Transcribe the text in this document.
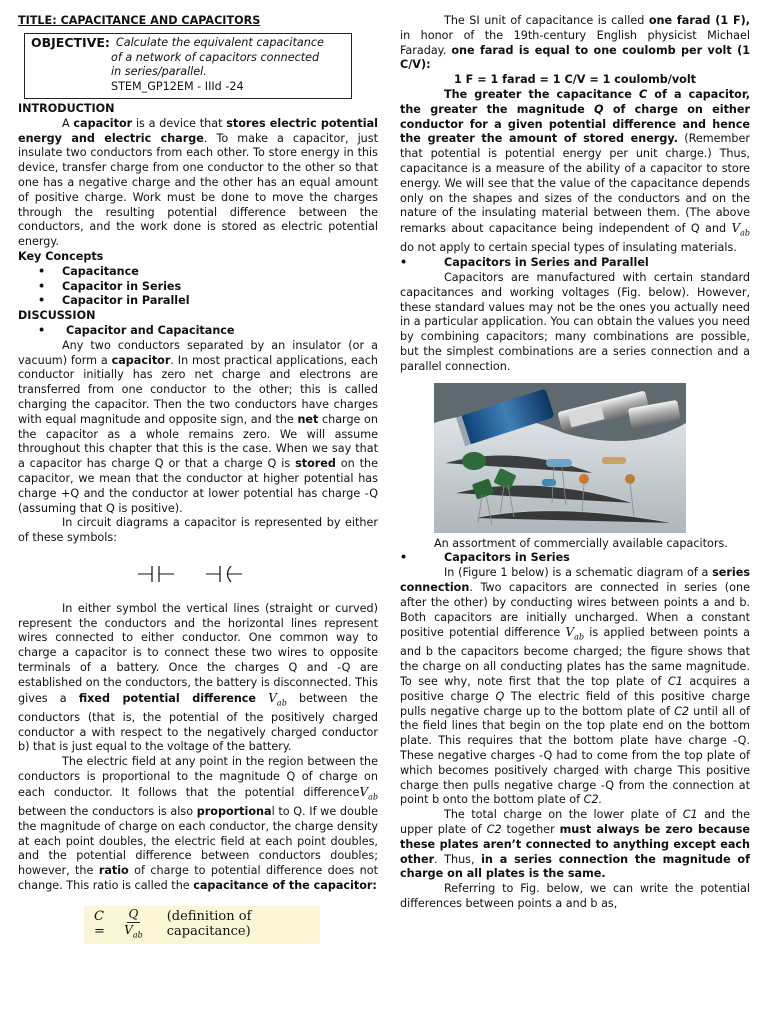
TITLE: CAPACITANCE AND CAPACITORS
OBJECTIVE: Calculate the equivalent capacitance
of a network of capacitors connected
in series/parallel.
STEM_GP12EM - IIId -24
INTRODUCTION

A capacitor is a device that stores electric potential energy and electric charge. To make a capacitor, just insulate two conductors from each other. To store energy in this device, transfer charge from one conductor to the other so that one has a negative charge and the other has an equal amount of positive charge. Work must be done to move the charges through the resulting potential difference between the conductors, and the work done is stored as electric potential energy.

Key Concepts
• Capacitance
• Capacitor in Series
• Capacitor in Parallel
DISCUSSION
• Capacitor and Capacitance

Any two conductors separated by an insulator (or a vacuum) form a capacitor. In most practical applications, each conductor initially has zero net charge and electrons are transferred from one conductor to the other; this is called charging the capacitor. Then the two conductors have charges with equal magnitude and opposite sign, and the net charge on the capacitor as a whole remains zero. We will assume throughout this chapter that this is the case. When we say that a capacitor has charge Q or that a charge Q is stored on the capacitor, we mean that the conductor at higher potential has charge +Q and the conductor at lower potential has charge -Q (assuming that Q is positive).

In circuit diagrams a capacitor is represented by either of these symbols:

In either symbol the vertical lines (straight or curved) represent the conductors and the horizontal lines represent wires connected to either conductor. One common way to charge a capacitor is to connect these two wires to opposite terminals of a battery. Once the charges Q and -Q are established on the conductors, the battery is disconnected. This gives a fixed potential difference $V_{ab}$ between the conductors (that is, the potential of the positively charged conductor a with respect to the negatively charged conductor b) that is just equal to the voltage of the battery.

The electric field at any point in the region between the conductors is proportional to the magnitude Q of charge on each conductor. It follows that the potential differenceV$_{ab}$ between the conductors is also proportional to Q. If we double the magnitude of charge on each conductor, the charge density at each point doubles, the electric field at each point doubles, and the potential difference between conductors doubles; however, the ratio of charge to potential difference does not change. This ratio is called the capacitance of the capacitor:

C =	$\frac{Q}{V_{ab}}$ (definition of capacitance)

The SI unit of capacitance is called one farad (1 F), in honor of the 19th-century English physicist Michael Faraday. one farad is equal to one coulomb per volt (1 C/V):

1 F = 1 farad = 1 C/V = 1 coulomb/volt

The greater the capacitance C of a capacitor, the greater the magnitude Q of charge on either conductor for a given potential difference and hence the greater the amount of stored energy. (Remember that potential is potential energy per unit charge.) Thus, capacitance is a measure of the ability of a capacitor to store energy. We will see that the value of the capacitance depends only on the shapes and sizes of the conductors and on the nature of the insulating material between them. (The above remarks about capacitance being independent of Q and $V_{ab}$ do not apply to certain special types of insulating materials.

•	Capacitors in Series and Parallel

Capacitors are manufactured with certain standard capacitances and working voltages (Fig. below). However, these standard values may not be the ones you actually need in a particular application. You can obtain the values you need by combining capacitors; many combinations are possible, but the simplest combinations are a series connection and a parallel connection.

An assortment of commercially available capacitors.
•	Capacitors in Series

In (Figure 1 below) is a schematic diagram of a series connection. Two capacitors are connected in series (one after the other) by conducting wires between points a and b. Both capacitors are initially uncharged. When a constant positive potential difference $V_{ab}$ is applied between points a and b the capacitors become charged; the figure shows that the charge on all conducting plates has the same magnitude. To see why, note first that the top plate of C1 acquires a positive charge Q The electric field of this positive charge pulls negative charge up to the bottom plate of C2 until all of the field lines that begin on the top plate end on the bottom plate. This requires that the bottom plate have charge -Q. These negative charges -Q had to come from the top plate of which becomes positively charged with charge This positive charge then pulls negative charge -Q from the connection at point b onto the bottom plate of C2.

The total charge on the lower plate of C1 and the upper plate of C2 together must always be zero because these plates aren’t connected to anything except each other. Thus, in a series connection the magnitude of charge on all plates is the same.

Referring to Fig. below, we can write the potential differences between points a and b as,
